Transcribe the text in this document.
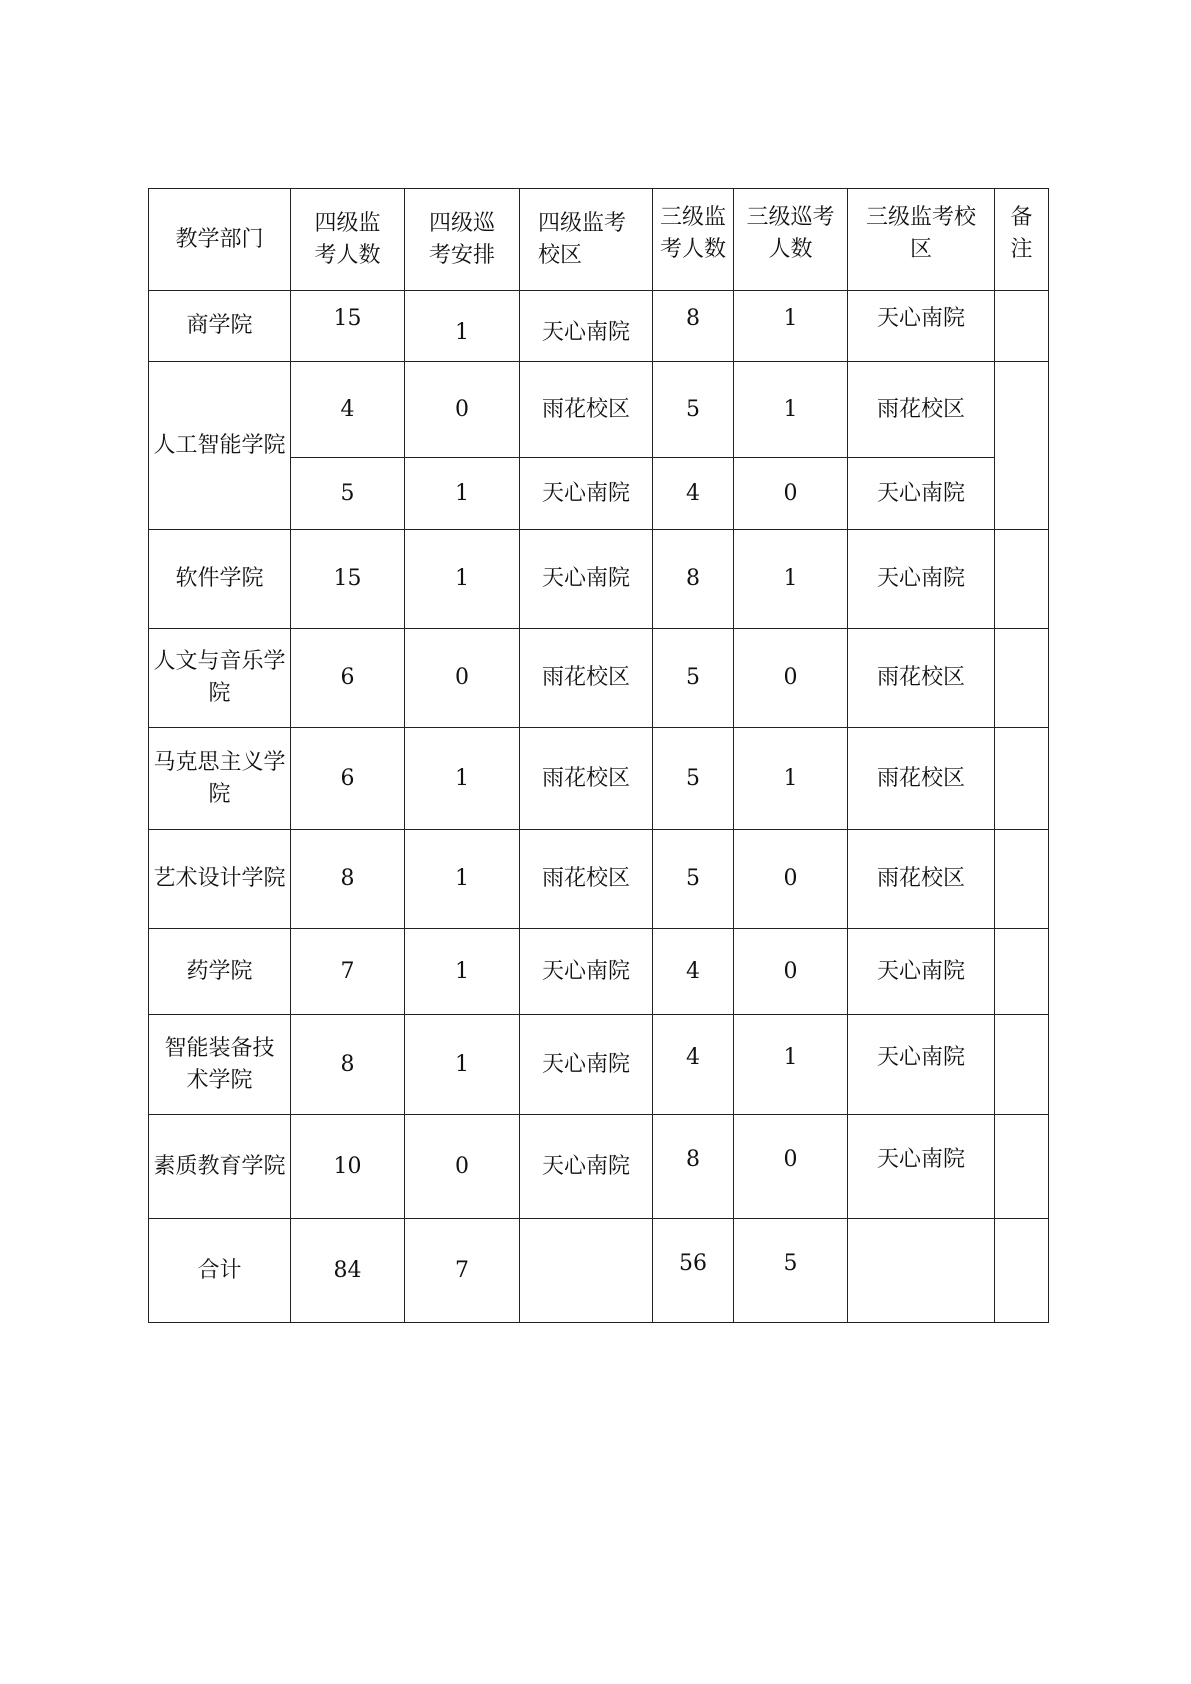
教学部门	四级监考人数	四级巡考安排	四级监考校区	三级监考人数	三级巡考人数	三级监考校区	备注
商学院	15	1	天心南院	8	1	天心南院	
人工智能学院	4	0	雨花校区	5	1	雨花校区	
	5	1	天心南院	4	0	天心南院	
软件学院	15	1	天心南院	8	1	天心南院	
人文与音乐学院	6	0	雨花校区	5	0	雨花校区	
马克思主义学院	6	1	雨花校区	5	1	雨花校区	
艺术设计学院	8	1	雨花校区	5	0	雨花校区	
药学院	7	1	天心南院	4	0	天心南院	
智能装备技术学院	8	1	天心南院	4	1	天心南院	
素质教育学院	10	0	天心南院	8	0	天心南院	
合计	84	7		56	5		
